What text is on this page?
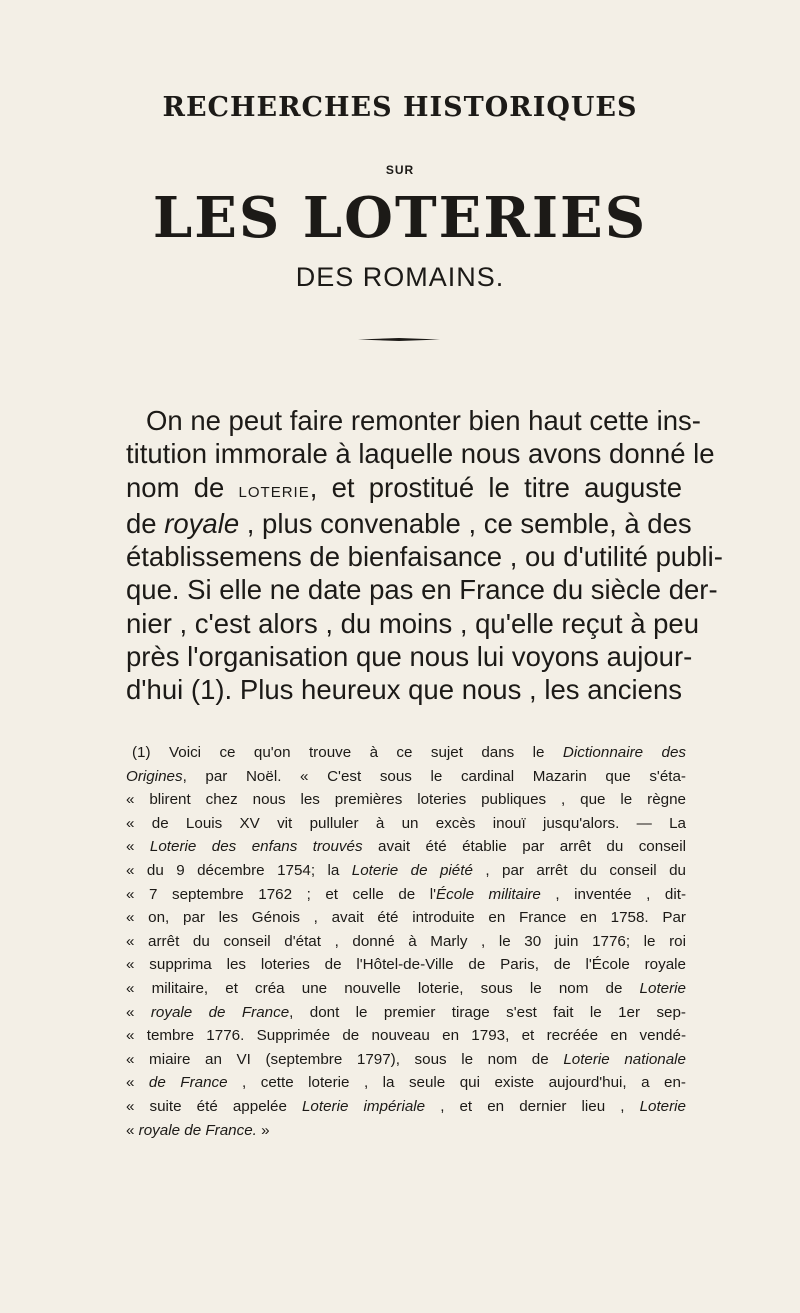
RECHERCHES HISTORIQUES
SUR
LES LOTERIES
DES ROMAINS.
On ne peut faire remonter bien haut cette ins-
titution immorale à laquelle nous avons donné le
nom de loterie, et prostitué le titre auguste
de royale , plus convenable , ce semble, à des
établissemens de bienfaisance , ou d'utilité publi-
que. Si elle ne date pas en France du siècle der-
nier , c'est alors , du moins , qu'elle reçut à peu
près l'organisation que nous lui voyons aujour-
d'hui (1). Plus heureux que nous , les anciens
(1) Voici ce qu'on trouve à ce sujet dans le Dictionnaire des
Origines, par Noël. « C'est sous le cardinal Mazarin que s'éta-
« blirent chez nous les premières loteries publiques , que le règne
« de Louis XV vit pulluler à un excès inouï jusqu'alors. — La
« Loterie des enfans trouvés avait été établie par arrêt du conseil
« du 9 décembre 1754; la Loterie de piété , par arrêt du conseil du
« 7 septembre 1762 ; et celle de l'École militaire , inventée , dit-
« on, par les Génois , avait été introduite en France en 1758. Par
« arrêt du conseil d'état , donné à Marly , le 30 juin 1776; le roi
« supprima les loteries de l'Hôtel-de-Ville de Paris, de l'École royale
« militaire, et créa une nouvelle loterie, sous le nom de Loterie
« royale de France, dont le premier tirage s'est fait le 1er sep-
« tembre 1776. Supprimée de nouveau en 1793, et recréée en vendé-
« miaire an VI (septembre 1797), sous le nom de Loterie nationale
« de France , cette loterie , la seule qui existe aujourd'hui, a en-
« suite été appelée Loterie impériale , et en dernier lieu , Loterie
« royale de France. »
